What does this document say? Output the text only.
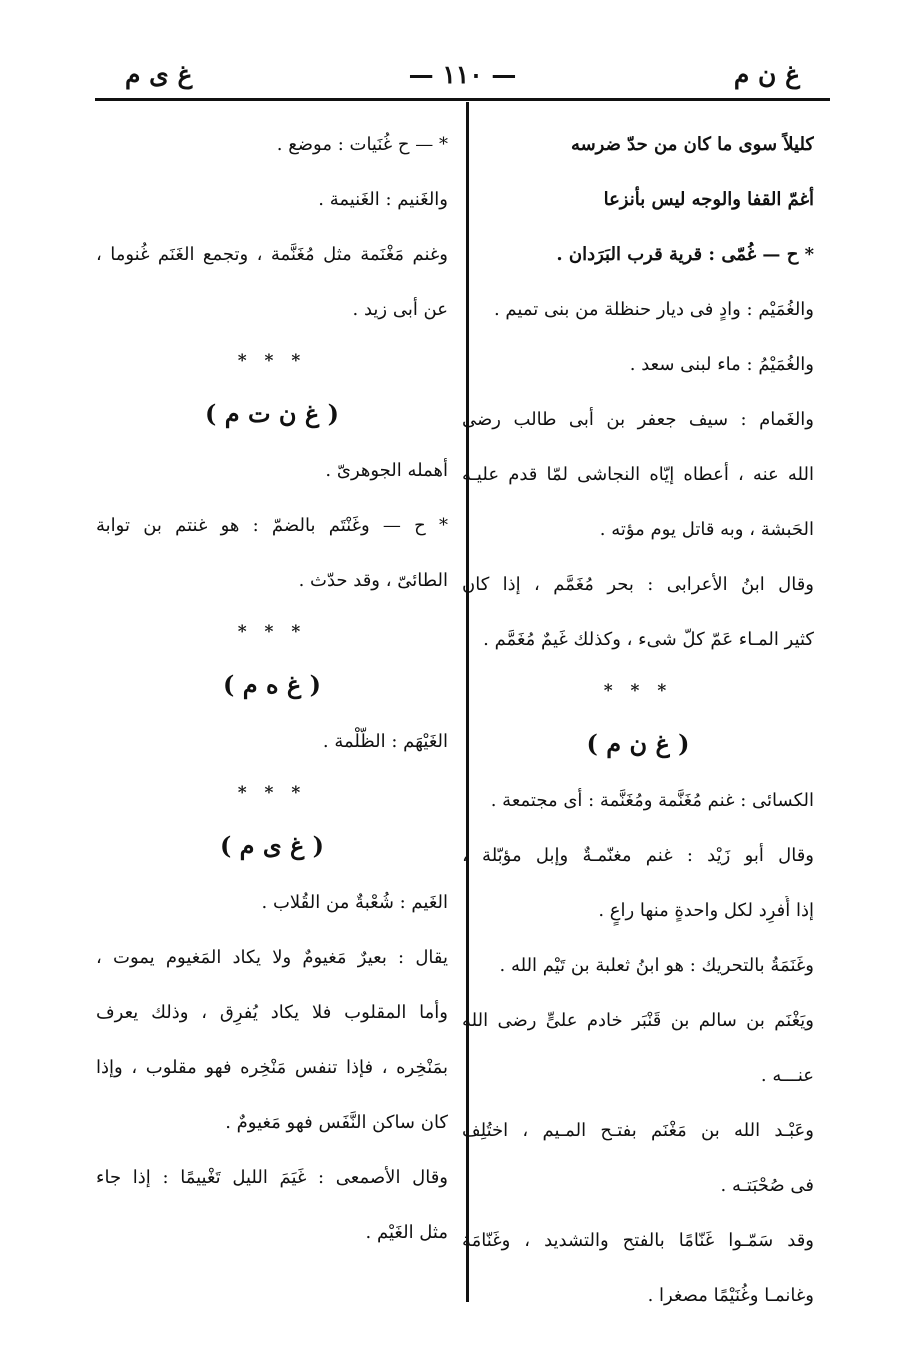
غ ن م
— ١١٠ —
غ ى م
كليلاً سوى ما كان من حدّ ضرسه
أغمّ القفا والوجه ليس بأنزعا
* ح — غُمّى : قرية قرب البَرَدان .
والغُمَيْم : وادٍ فى ديار حنظلة من بنى تميم .
والغُمَيْمُ : ماء لبنى سعد .
والغَمام : سيف جعفر بن أبى طالب رضى
الله عنه ، أعطاه إيّاه النجاشى لمّا قدم عليـه
الحَبشة ، وبه قاتل يوم مؤته .
وقال ابنُ الأعرابى : بحر مُغَمَّم ، إذا كان
كثير المـاء عَمّ كلّ شىء ، وكذلك غَيمٌ مُغَمَّم .
* * *
( غ ن م )
الكسائى : غنم مُغَنَّمة ومُغَنَّمة : أى مجتمعة .
وقال أبو زَيْد : غنم مغنّمـةٌ وإبل مؤبّلة ،
إذا أُفرِد لكل واحدةٍ منها راعٍ .
وغَنَمَةُ بالتحريك : هو ابنُ ثعلبة بن تَيْم الله .
ويَغْنَم بن سالم بن قَنْبَر خادم علىٍّ رضى الله
عنـــه .
وعَبْـد الله بن مَغْنَم بفتـح المـيم ، اختُلِف
فى صُحْبَتـه .
وقد سَمّـوا غَنّامًا بالفتح والتشديد ، وغَنّامَة
وغانمـا وغُنَيْمًا مصغرا .
* — ح غُنَيات : موضع .
والغَنيم : الغَنيمة .
وغنم مَغْنَمة مثل مُغَنَّمة ، وتجمع الغَنَم غُنوما ،
عن أبى زيد .
* * *
( غ ن ت م )
أهمله الجوهرىّ .
* ح — وغَنْتَم بالضمّ : هو غنتم بن توابة
الطائىّ ، وقد حدّث .
* * *
( غ ه م )
الغَيْهَم : الظُّلْمة .
* * *
( غ ى م )
الغَيم : شُعْبةٌ من القُلاب .
يقال : بعيرٌ مَغيومٌ ولا يكاد المَغيوم يموت ،
وأما المقلوب فلا يكاد يُفرِق ، وذلك يعرف
بمَنْخِره ، فإذا تنفس مَنْخِره فهو مقلوب ، وإذا
كان ساكن النَّفَس فهو مَغيومٌ .
وقال الأصمعى : غَيَمَ الليل تَغْييمًا : إذا جاء
مثل الغَيْم .
